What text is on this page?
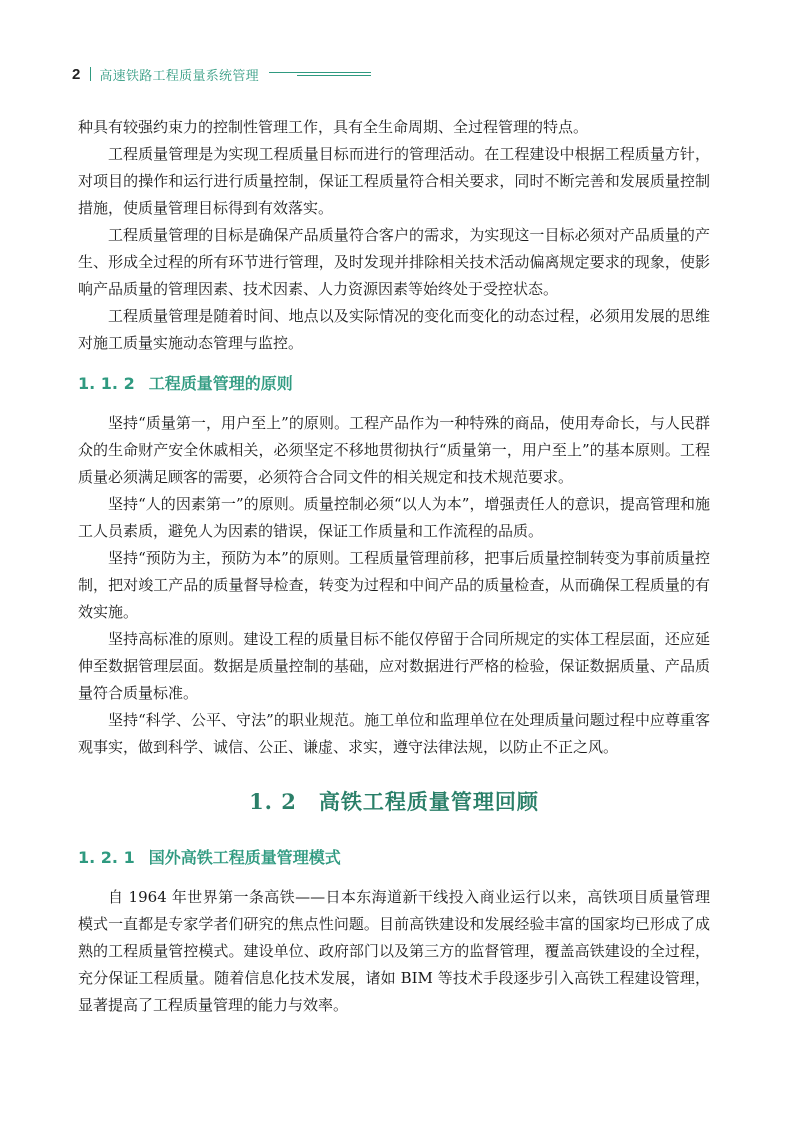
2 高速铁路工程质量系统管理

种具有较强约束力的控制性管理工作，具有全生命周期、全过程管理的特点。

工程质量管理是为实现工程质量目标而进行的管理活动。在工程建设中根据工程质量方针，对项目的操作和运行进行质量控制，保证工程质量符合相关要求，同时不断完善和发展质量控制措施，使质量管理目标得到有效落实。

工程质量管理的目标是确保产品质量符合客户的需求，为实现这一目标必须对产品质量的产生、形成全过程的所有环节进行管理，及时发现并排除相关技术活动偏离规定要求的现象，使影响产品质量的管理因素、技术因素、人力资源因素等始终处于受控状态。

工程质量管理是随着时间、地点以及实际情况的变化而变化的动态过程，必须用发展的思维对施工质量实施动态管理与监控。

1. 1. 2 工程质量管理的原则

坚持“质量第一，用户至上”的原则。工程产品作为一种特殊的商品，使用寿命长，与人民群众的生命财产安全休戚相关，必须坚定不移地贯彻执行“质量第一，用户至上”的基本原则。工程质量必须满足顾客的需要，必须符合合同文件的相关规定和技术规范要求。

坚持“人的因素第一”的原则。质量控制必须“以人为本”，增强责任人的意识，提高管理和施工人员素质，避免人为因素的错误，保证工作质量和工作流程的品质。

坚持“预防为主，预防为本”的原则。工程质量管理前移，把事后质量控制转变为事前质量控制，把对竣工产品的质量督导检查，转变为过程和中间产品的质量检查，从而确保工程质量的有效实施。

坚持高标准的原则。建设工程的质量目标不能仅停留于合同所规定的实体工程层面，还应延伸至数据管理层面。数据是质量控制的基础，应对数据进行严格的检验，保证数据质量、产品质量符合质量标准。

坚持“科学、公平、守法”的职业规范。施工单位和监理单位在处理质量问题过程中应尊重客观事实，做到科学、诚信、公正、谦虚、求实，遵守法律法规，以防止不正之风。

1. 2 高铁工程质量管理回顾
1. 2. 1 国外高铁工程质量管理模式

自 1964 年世界第一条高铁——日本东海道新干线投入商业运行以来，高铁项目质量管理模式一直都是专家学者们研究的焦点性问题。目前高铁建设和发展经验丰富的国家均已形成了成熟的工程质量管控模式。建设单位、政府部门以及第三方的监督管理，覆盖高铁建设的全过程，充分保证工程质量。随着信息化技术发展，诸如 BIM 等技术手段逐步引入高铁工程建设管理，显著提高了工程质量管理的能力与效率。
